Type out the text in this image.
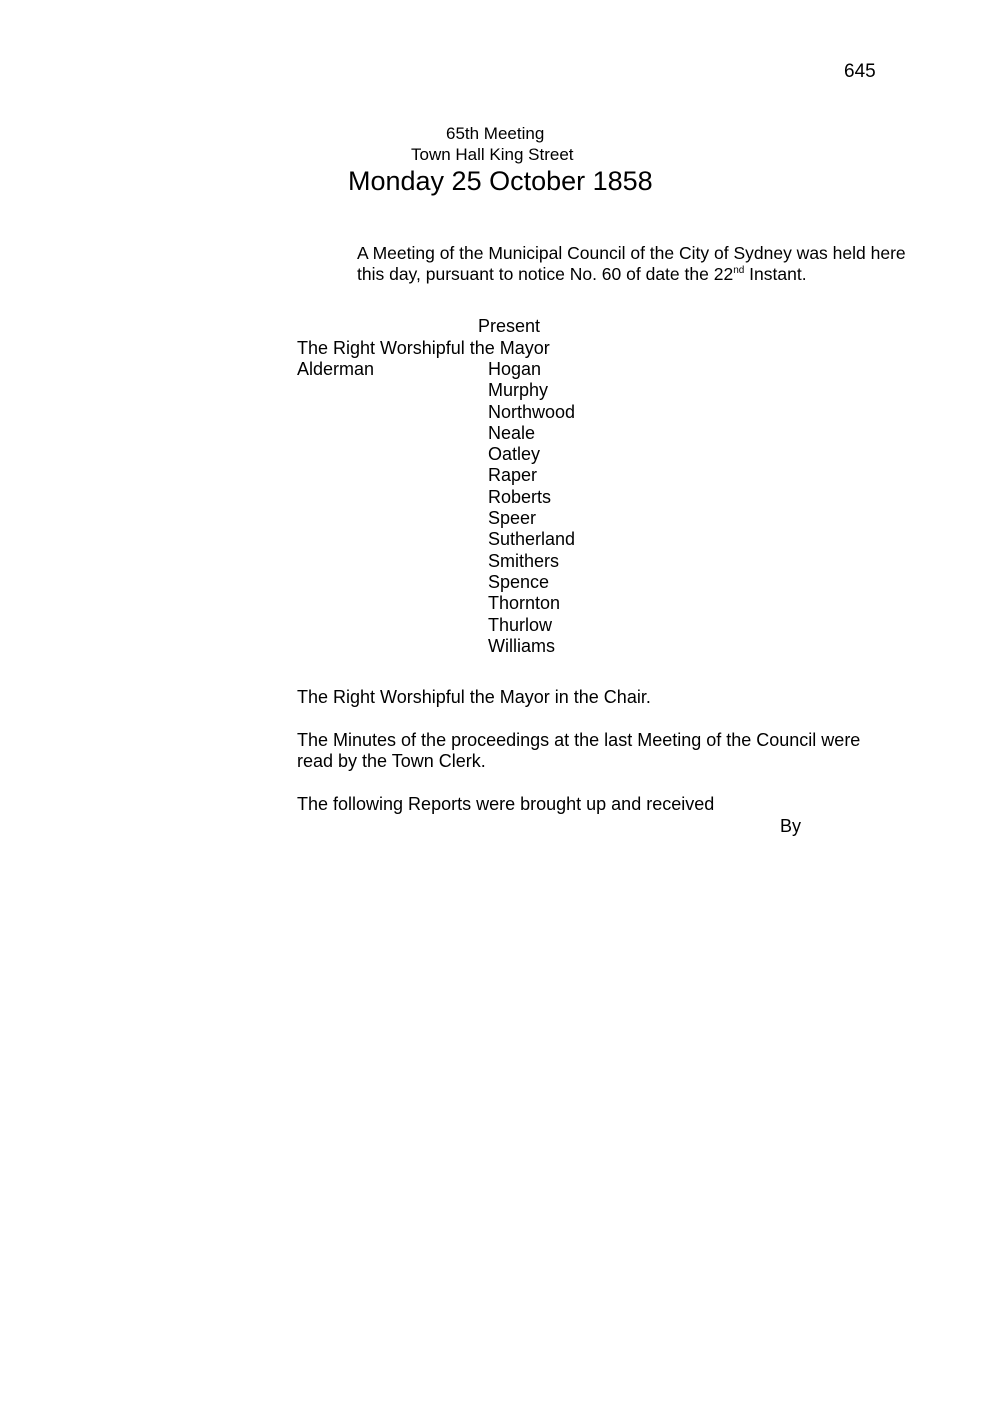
645
65th Meeting
Town Hall King Street
Monday 25 October 1858

A Meeting of the Municipal Council of the City of Sydney was held here this day, pursuant to notice No. 60 of date the 22nd Instant.

Present
The Right Worshipful the Mayor
Alderman	Hogan
Murphy
Northwood
Neale
Oatley
Raper
Roberts
Speer
Sutherland
Smithers
Spence
Thornton
Thurlow
Williams
The Right Worshipful the Mayor in the Chair.

The Minutes of the proceedings at the last Meeting of the Council were read by the Town Clerk.

The following Reports were brought up and received
By
